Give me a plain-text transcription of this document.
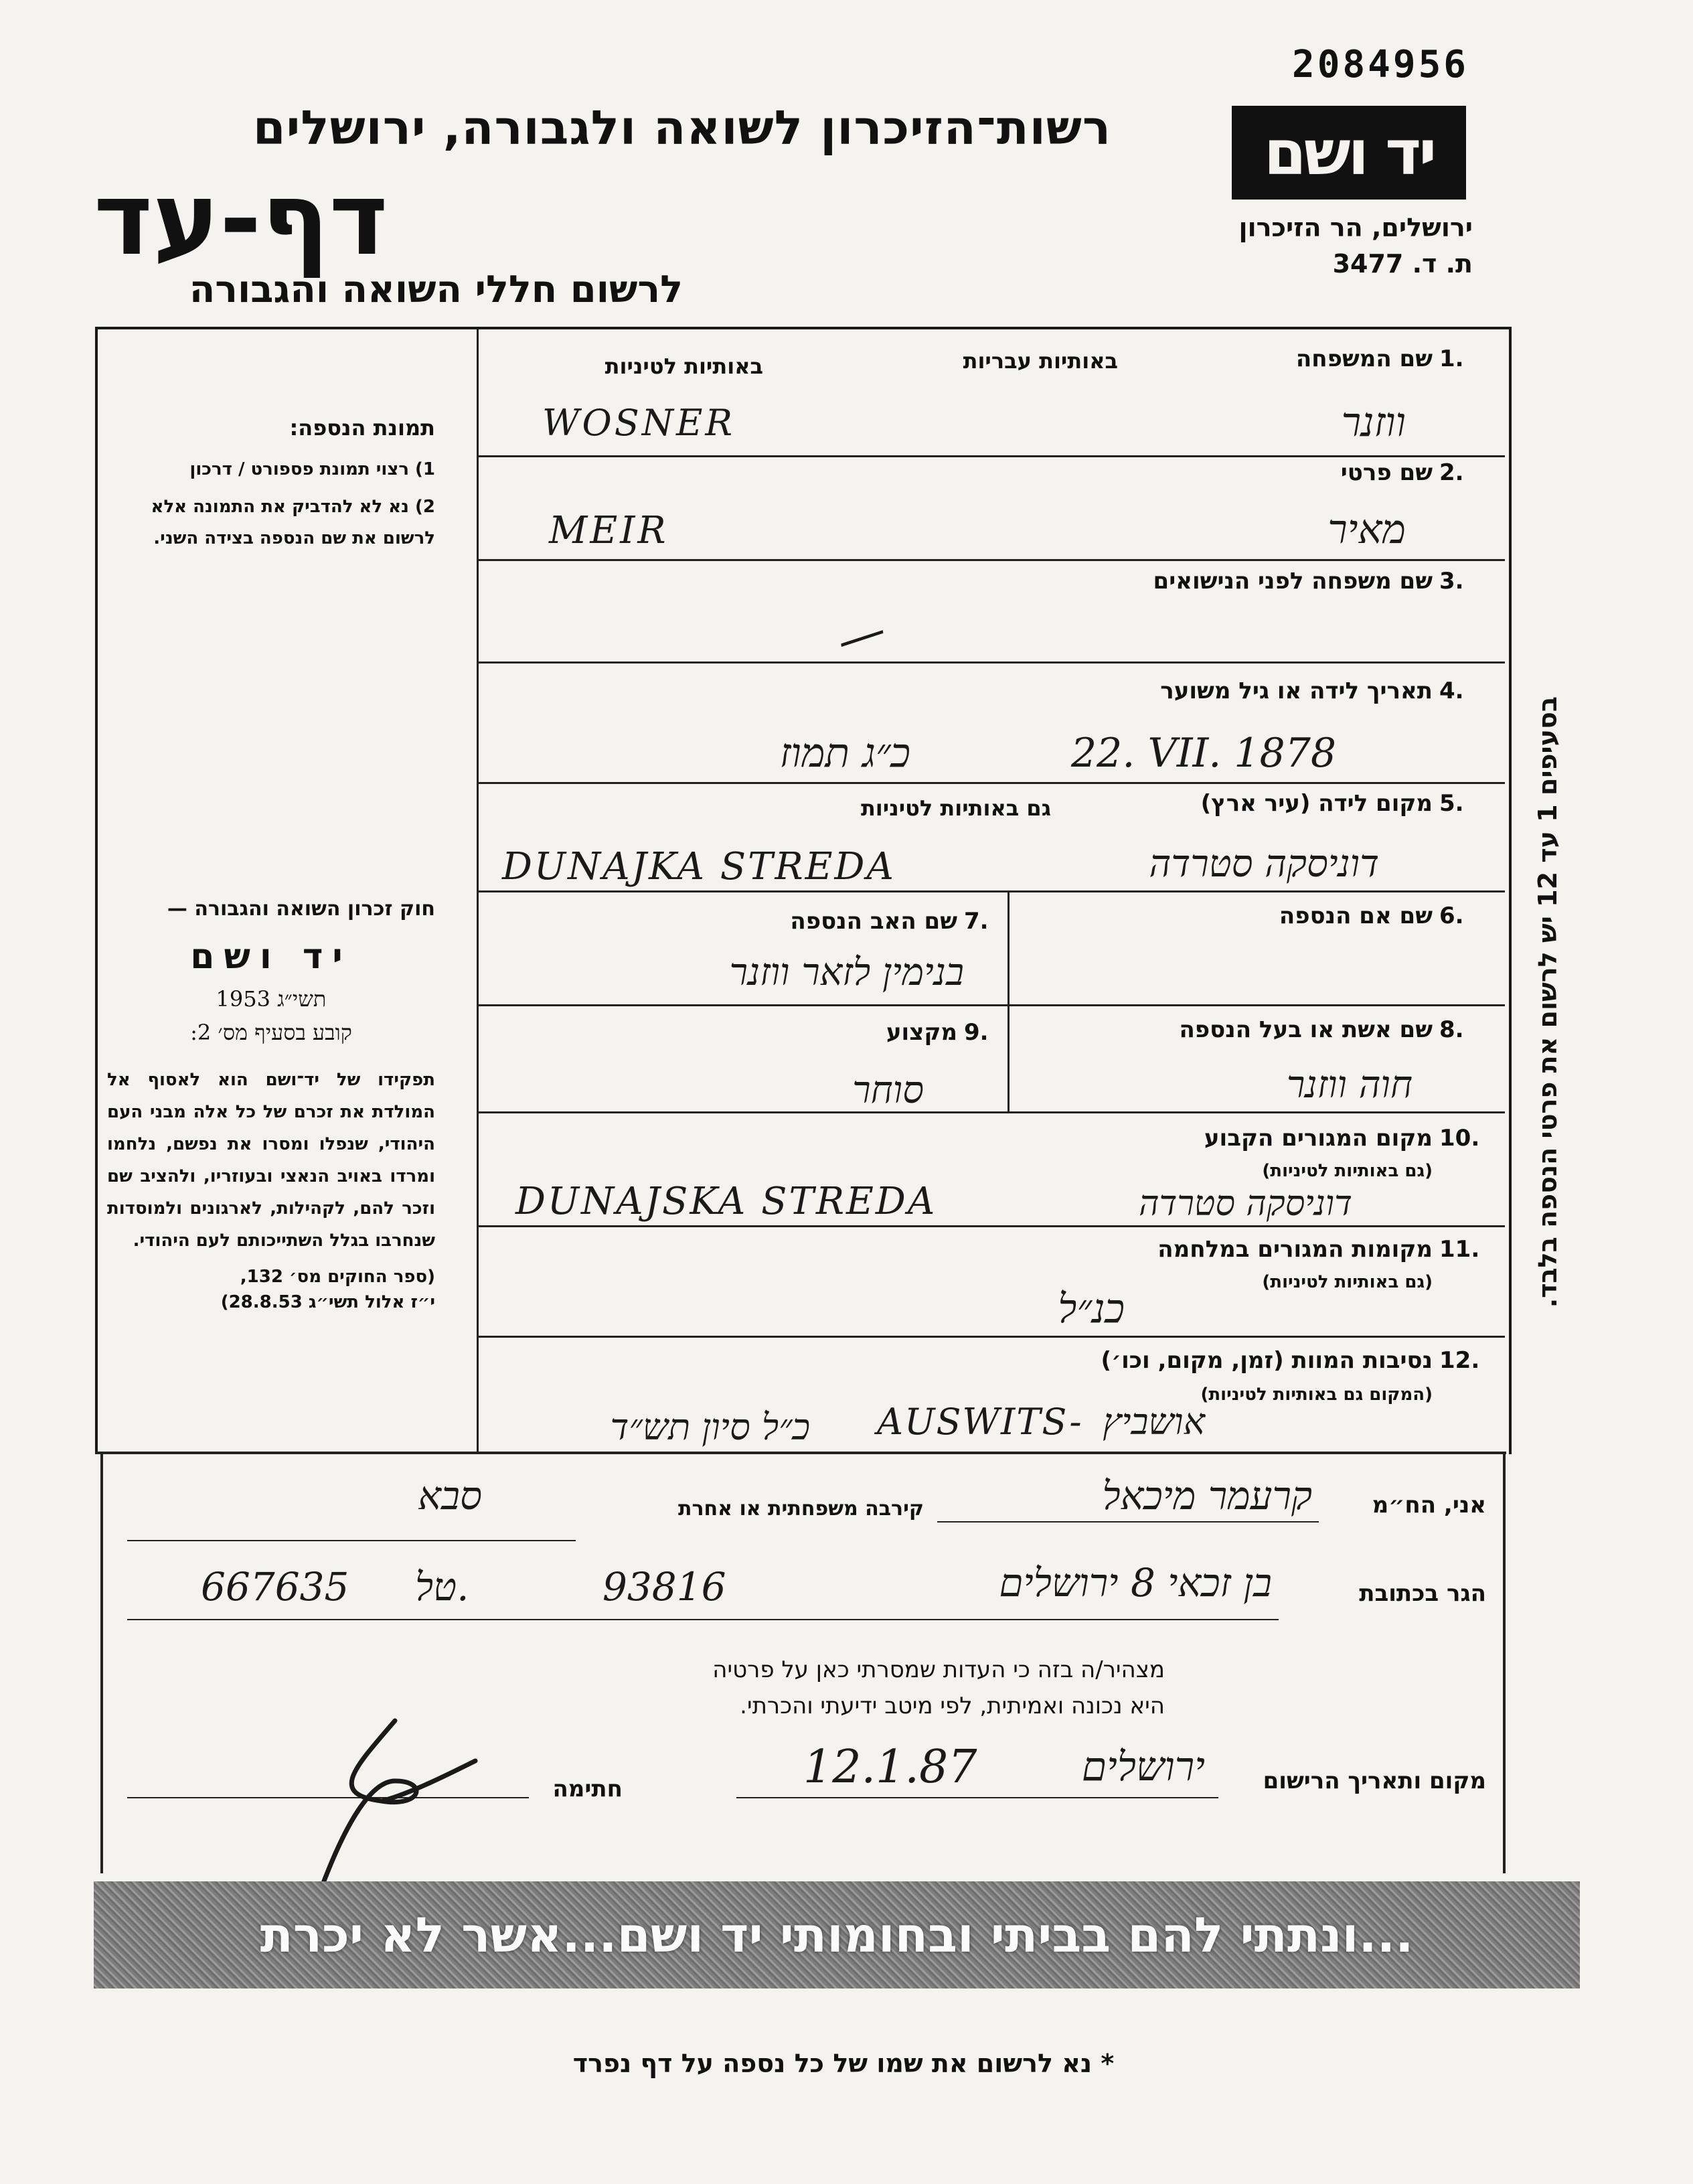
2084956
רשות־הזיכרון לשואה ולגבורה, ירושלים
דף-עד
לרשום חללי השואה והגבורה
יד ושם
ירושלים, הר הזיכרון
ת. ד. 3477
באותיות עבריות
באותיות לטיניות	1.
שם המשפחה
WOSNER	ווזנר
2.
שם פרטי
MEIR	מאיר
3.
שם משפחה לפני הנישואים
—
4.
תאריך לידה או גיל משוער
22. VII. 1878
כ״ג תמוז
5.
מקום לידה (עיר ארץ)
גם באותיות לטיניות
DUNAJKA STREDA	דוניסקה סטרדה
6.
שם אם הנספה
7.
שם האב הנספה
בנימין לזאר ווזנר
8.
שם אשת או בעל הנספה
חוה ווזנר
9.
מקצוע
סוחר
10.
מקום המגורים הקבוע
(גם באותיות לטיניות)
DUNAJSKA STREDA	דוניסקה סטרדה
11.
מקומות המגורים במלחמה
(גם באותיות לטיניות)
כנ״ל
12.
נסיבות המוות (זמן, מקום, וכו׳)
(המקום גם באותיות לטיניות)
AUSWITS- אושביץ
כ״ל סיון תש״ד
תמונת הנספה:
1) רצוי תמונת פספורט / דרכון
2) נא לא להדביק את התמונה אלא לרשום את שם הנספה בצידה השני.
חוק זכרון השואה והגבורה —
יד ושם
תשי״ג 1953
קובע בסעיף מס׳ 2:
תפקידו של יד־ושם הוא לאסוף אל המולדת את זכרם של כל אלה מבני העם היהודי, שנפלו ומסרו את נפשם, נלחמו ומרדו באויב הנאצי ובעוזריו, ולהציב שם וזכר להם, לקהילות, לארגונים ולמוסדות שנחרבו בגלל השתייכותם לעם היהודי.
(ספר החוקים מס׳ 132,
י״ז אלול תשי״ג 28.8.53)	בסעיפים 1 עד 12 יש לרשום את פרטי הנספה בלבד.
אני, הח״מ
קרעמר מיכאל
קירבה משפחתית או אחרת
סבא
הגר בכתובת
בן זכאי 8 ירושלים
93816
טל.
667635
מצהיר/ה בזה כי העדות שמסרתי כאן על פרטיה
היא נכונה ואמיתית, לפי מיטב ידיעתי והכרתי.
מקום ותאריך הרישום
ירושלים
12.1.87
חתימה
...ונתתי להם בביתי ובחומותי יד ושם...אשר לא יכרת
* נא לרשום את שמו של כל נספה על דף נפרד
